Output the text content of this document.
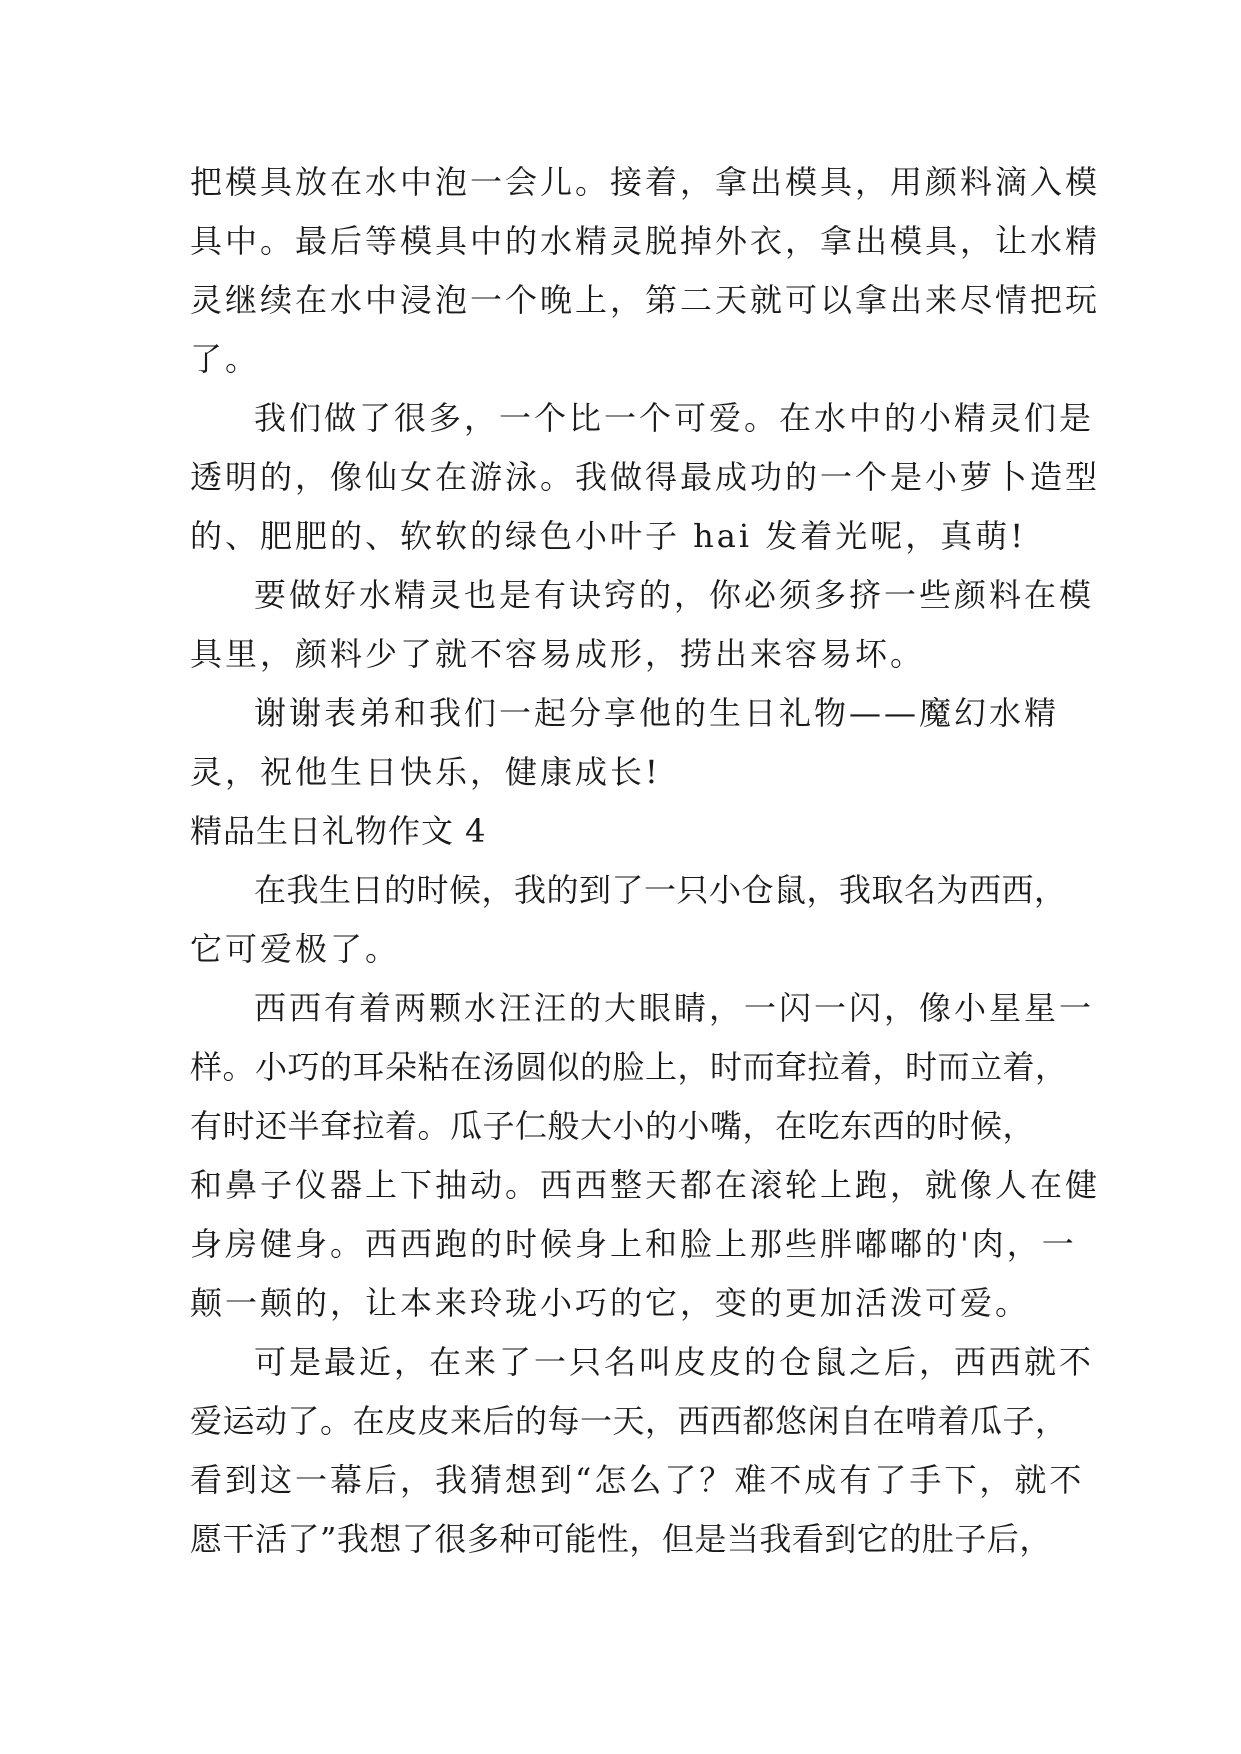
把模具放在水中泡一会儿。接着，拿出模具，用颜料滴入模
具中。最后等模具中的水精灵脱掉外衣，拿出模具，让水精
灵继续在水中浸泡一个晚上，第二天就可以拿出来尽情把玩
了。
我们做了很多，一个比一个可爱。在水中的小精灵们是
透明的，像仙女在游泳。我做得最成功的一个是小萝卜造型
的、肥肥的、软软的绿色小叶子 hai 发着光呢，真萌!
要做好水精灵也是有诀窍的，你必须多挤一些颜料在模
具里，颜料少了就不容易成形，捞出来容易坏。
谢谢表弟和我们一起分享他的生日礼物——魔幻水精
灵，祝他生日快乐，健康成长!
精品生日礼物作文 4
在我生日的时候，我的到了一只小仓鼠，我取名为西西，
它可爱极了。
西西有着两颗水汪汪的大眼睛，一闪一闪，像小星星一
样。小巧的耳朵粘在汤圆似的脸上，时而耷拉着，时而立着，
有时还半耷拉着。瓜子仁般大小的小嘴，在吃东西的时候，
和鼻子仪器上下抽动。西西整天都在滚轮上跑，就像人在健
身房健身。西西跑的时候身上和脸上那些胖嘟嘟的'肉，一
颠一颠的，让本来玲珑小巧的它，变的更加活泼可爱。
可是最近，在来了一只名叫皮皮的仓鼠之后，西西就不
爱运动了。在皮皮来后的每一天，西西都悠闲自在啃着瓜子，
看到这一幕后，我猜想到“怎么了？难不成有了手下，就不
愿干活了”我想了很多种可能性，但是当我看到它的肚子后，
